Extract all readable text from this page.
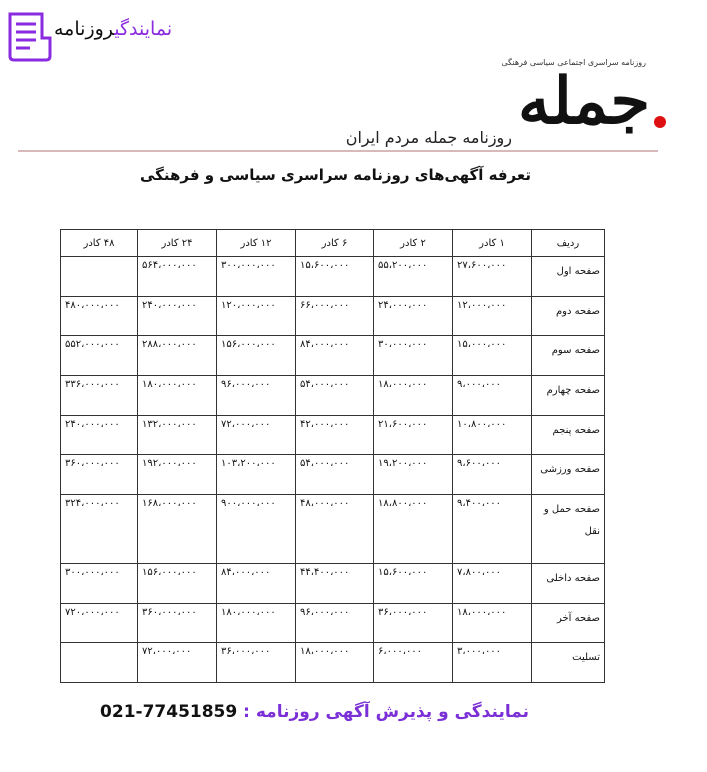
نمایندگیروزنامه
روزنامه سراسری اجتماعی سیاسی فرهنگی
جمله
روزنامه جمله مردم ایران
تعرفه آگهی‌های روزنامه سراسری سیاسی و فرهنگی
ردیف	۱ کادر	۲ کادر	۶ کادر	۱۲ کادر	۲۴ کادر	۴۸ کادر
صفحه اول	۲۷،۶۰۰،۰۰۰	۵۵،۲۰۰،۰۰۰	۱۵،۶۰۰،۰۰۰	۳۰۰،۰۰۰،۰۰۰	۵۶۴،۰۰۰،۰۰۰	

صفحه دوم	۱۲،۰۰۰،۰۰۰	۲۴،۰۰۰،۰۰۰	۶۶،۰۰۰،۰۰۰	۱۲۰،۰۰۰،۰۰۰	۲۴۰،۰۰۰،۰۰۰	۴۸۰،۰۰۰،۰۰۰

صفحه سوم	۱۵،۰۰۰،۰۰۰	۳۰،۰۰۰،۰۰۰	۸۴،۰۰۰،۰۰۰	۱۵۶،۰۰۰،۰۰۰	۲۸۸،۰۰۰،۰۰۰	۵۵۲،۰۰۰،۰۰۰

صفحه چهارم	۹،۰۰۰،۰۰۰	۱۸،۰۰۰،۰۰۰	۵۴،۰۰۰،۰۰۰	۹۶،۰۰۰،۰۰۰	۱۸۰،۰۰۰،۰۰۰	۳۳۶،۰۰۰،۰۰۰

صفحه پنجم	۱۰،۸۰۰،۰۰۰	۲۱،۶۰۰،۰۰۰	۴۲،۰۰۰،۰۰۰	۷۲،۰۰۰،۰۰۰	۱۳۲،۰۰۰،۰۰۰	۲۴۰،۰۰۰،۰۰۰

صفحه ورزشی	۹،۶۰۰،۰۰۰	۱۹،۲۰۰،۰۰۰	۵۴،۰۰۰،۰۰۰	۱۰۳،۲۰۰،۰۰۰	۱۹۲،۰۰۰،۰۰۰	۳۶۰،۰۰۰،۰۰۰

صفحه حمل و نقل	۹،۴۰۰،۰۰۰	۱۸،۸۰۰،۰۰۰	۴۸،۰۰۰،۰۰۰	۹۰۰،۰۰۰،۰۰۰	۱۶۸،۰۰۰،۰۰۰	۳۲۴،۰۰۰،۰۰۰

صفحه داخلی	۷،۸۰۰،۰۰۰	۱۵،۶۰۰،۰۰۰	۴۴،۴۰۰،۰۰۰	۸۴،۰۰۰،۰۰۰	۱۵۶،۰۰۰،۰۰۰	۳۰۰،۰۰۰،۰۰۰

صفحه آخر	۱۸،۰۰۰،۰۰۰	۳۶،۰۰۰،۰۰۰	۹۶،۰۰۰،۰۰۰	۱۸۰،۰۰۰،۰۰۰	۳۶۰،۰۰۰،۰۰۰	۷۲۰،۰۰۰،۰۰۰

تسلیت	۳،۰۰۰،۰۰۰	۶،۰۰۰،۰۰۰	۱۸،۰۰۰،۰۰۰	۳۶،۰۰۰،۰۰۰	۷۲،۰۰۰،۰۰۰	

نمایندگی و پذیرش آگهی روزنامه : 021-77451859
